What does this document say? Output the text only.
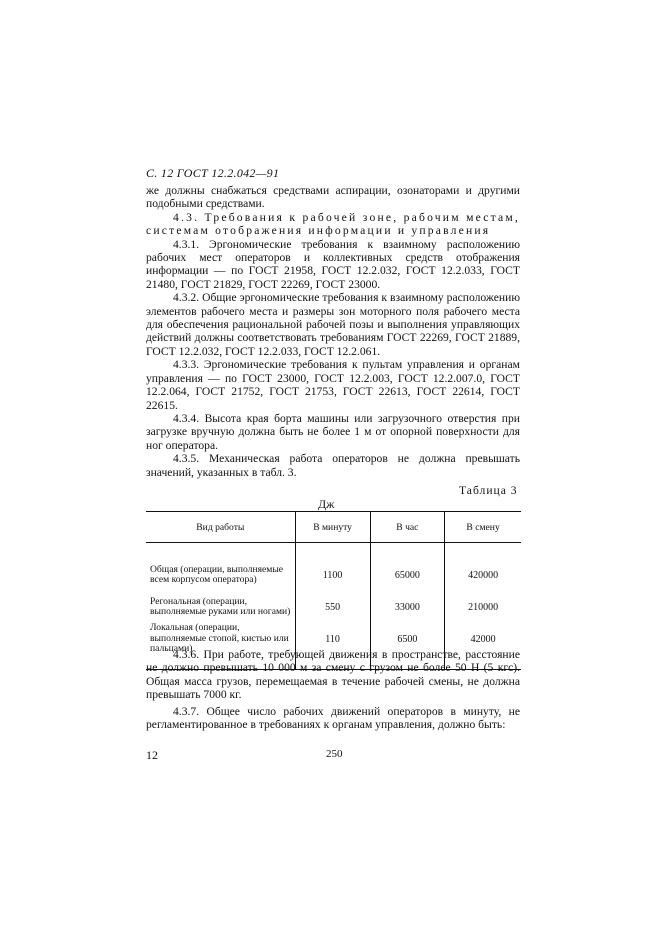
С. 12 ГОСТ 12.2.042—91

же должны снабжаться средствами аспирации, озонаторами и другими подобными средствами.

4.3. Требования к рабочей зоне, рабочим местам, системам отображения информации и управления

4.3.1. Эргономические требования к взаимному расположению рабочих мест операторов и коллективных средств отображения информации — по ГОСТ 21958, ГОСТ 12.2.032, ГОСТ 12.2.033, ГОСТ 21480, ГОСТ 21829, ГОСТ 22269, ГОСТ 23000.

4.3.2. Общие эргономические требования к взаимному расположению элементов рабочего места и размеры зон моторного поля рабочего места для обеспечения рациональной рабочей позы и выполнения управляющих действий должны соответствовать требованиям ГОСТ 22269, ГОСТ 21889, ГОСТ 12.2.032, ГОСТ 12.2.033, ГОСТ 12.2.061.

4.3.3. Эргономические требования к пультам управления и органам управления — по ГОСТ 23000, ГОСТ 12.2.003, ГОСТ 12.2.007.0, ГОСТ 12.2.064, ГОСТ 21752, ГОСТ 21753, ГОСТ 22613, ГОСТ 22614, ГОСТ 22615.

4.3.4. Высота края борта машины или загрузочного отверстия при загрузке вручную должна быть не более 1 м от опорной поверхности для ног оператора.

4.3.5. Механическая работа операторов не должна превышать значений, указанных в табл. 3.

Таблица 3
Дж
Вид работы	В минуту	В час	В смену

Общая (операции, выполняемые всем корпусом оператора)	1100	65000	420000
Регональная (операции, выполняемые руками или ногами)	550	33000	210000
Локальная (операции, выполняемые стопой, кистью или пальцами)	110	6500	42000

4.3.6. При работе, требующей движения в пространстве, расстояние не должно превышать 10 000 м за смену с грузом не более 50 Н (5 кгс). Общая масса грузов, перемещаемая в течение рабочей смены, не должна превышать 7000 кг.

4.3.7. Общее число рабочих движений операторов в минуту, не регламентированное в требованиях к органам управления, должно быть:

12	250
